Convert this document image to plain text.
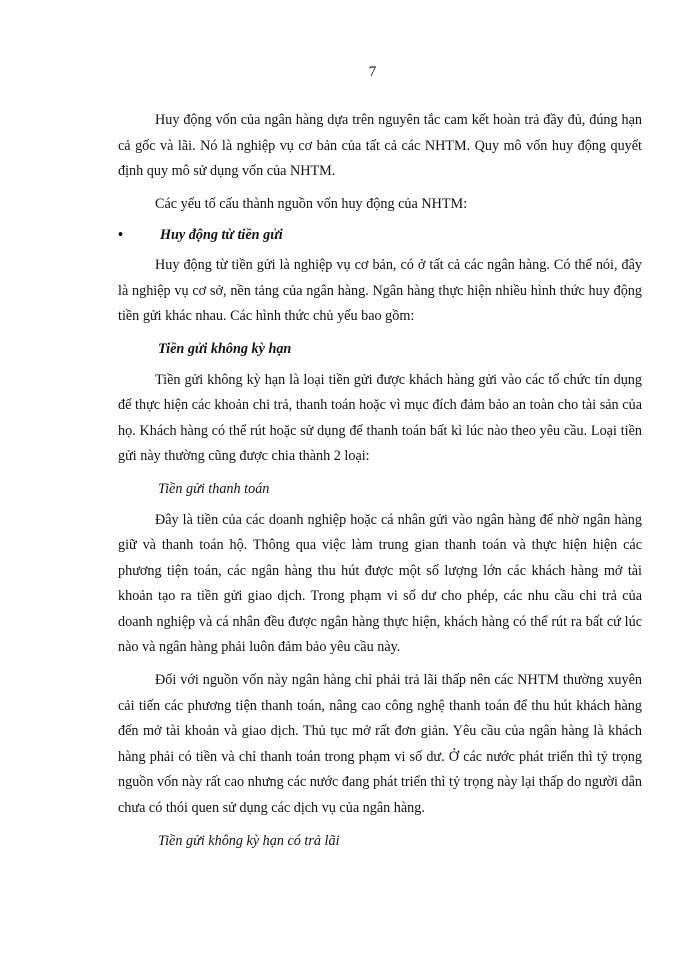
7

Huy động vốn của ngân hàng dựa trên nguyên tắc cam kết hoàn trả đầy đủ, đúng hạn cả gốc và lãi. Nó là nghiệp vụ cơ bản của tất cả các NHTM. Quy mô vốn huy động quyết định quy mô sử dụng vốn của NHTM.

Các yếu tố cấu thành nguồn vốn huy động của NHTM:

•	Huy động từ tiền gửi

Huy động từ tiền gửi là nghiệp vụ cơ bản, có ở tất cả các ngân hàng. Có thể nói, đây là nghiệp vụ cơ sở, nền tảng của ngân hàng. Ngân hàng thực hiện nhiều hình thức huy động tiền gửi khác nhau. Các hình thức chủ yếu bao gồm:

Tiền gửi không kỳ hạn

Tiền gửi không kỳ hạn là loại tiền gửi được khách hàng gửi vào các tổ chức tín dụng để thực hiện các khoản chi trả, thanh toán hoặc vì mục đích đảm bảo an toàn cho tài sản của họ. Khách hàng có thể rút hoặc sử dụng để thanh toán bất kì lúc nào theo yêu cầu. Loại tiền gửi này thường cũng được chia thành 2 loại:

Tiền gửi thanh toán

Đây là tiền của các doanh nghiệp hoặc cá nhân gửi vào ngân hàng để nhờ ngân hàng giữ và thanh toán hộ. Thông qua việc làm trung gian thanh toán và thực hiện hiện các phương tiện toán, các ngân hàng thu hút được một số lượng lớn các khách hàng mở tài khoản tạo ra tiền gửi giao dịch. Trong phạm vi số dư cho phép, các nhu cầu chi trả của doanh nghiệp và cá nhân đều được ngân hàng thực hiện, khách hàng có thể rút ra bất cứ lúc nào và ngân hàng phải luôn đảm bảo yêu cầu này.

Đối với nguồn vốn này ngân hàng chỉ phải trả lãi thấp nên các NHTM thường xuyên cải tiến các phương tiện thanh toán, nâng cao công nghệ thanh toán để thu hút khách hàng đến mở tài khoản và giao dịch. Thủ tục mở rất đơn giản. Yêu cầu của ngân hàng là khách hàng phải có tiền và chỉ thanh toán trong phạm vi số dư. Ở các nước phát triển thì tỷ trọng nguồn vốn này rất cao nhưng các nước đang phát triển thì tỷ trọng này lại thấp do người dân chưa có thói quen sử dụng các dịch vụ của ngân hàng.

Tiền gửi không kỳ hạn có trả lãi
